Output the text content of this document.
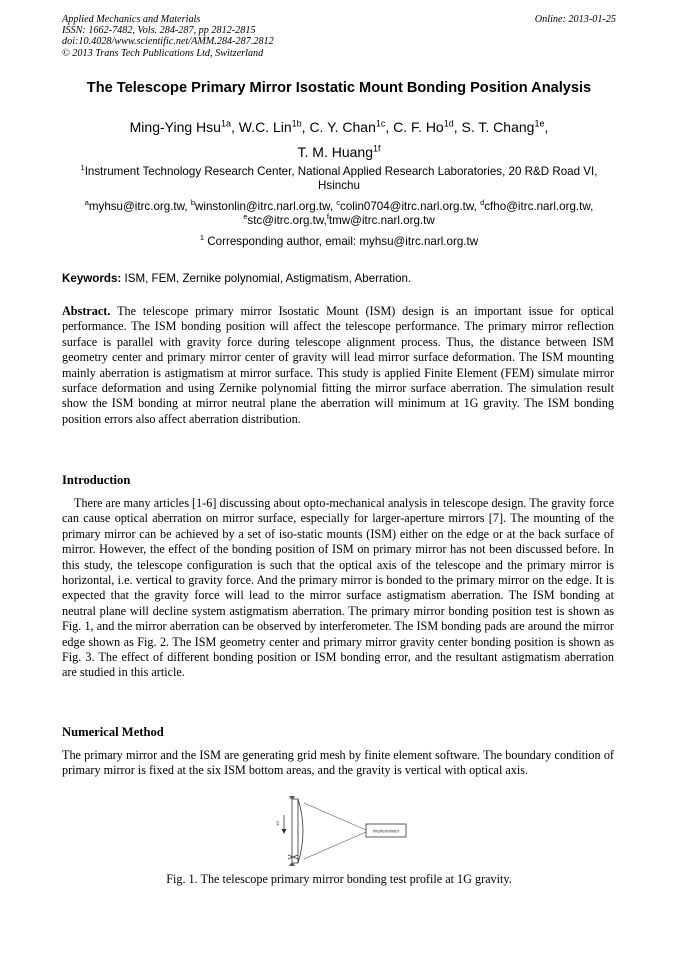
Applied Mechanics and Materials
ISSN: 1662-7482, Vols. 284-287, pp 2812-2815
doi:10.4028/www.scientific.net/AMM.284-287.2812
© 2013 Trans Tech Publications Ltd, Switzerland
Online: 2013-01-25
The Telescope Primary Mirror Isostatic Mount Bonding Position Analysis
Ming-Ying Hsu$^{1a}$, W.C. Lin$^{1b}$, C. Y. Chan$^{1c}$, C. F. $Ho^{1d}$, S. T. Chang$^{1e}$,
T. M. Huang$^{1f}$
$^1$Instrument Technology Research Center, National Applied Research Laboratories, 20 R&D Road VI, Hsinchu
$^a$myhsu@itrc.org.tw, $^b$winstonlin@itrc.narl.org.tw, $^c$colin0704@itrc.narl.org.tw, $^d$cfho@itrc.narl.org.tw, $^e$stc@itrc.org.tw,$^f$tmw@itrc.narl.org.tw
$^1$ Corresponding author, email: myhsu@itrc.narl.org.tw
Keywords: ISM, FEM, Zernike polynomial, Astigmatism, Aberration.
Abstract. The telescope primary mirror Isostatic Mount (ISM) design is an important issue for optical performance. The ISM bonding position will affect the telescope performance. The primary mirror reflection surface is parallel with gravity force during telescope alignment process. Thus, the distance between ISM geometry center and primary mirror center of gravity will lead mirror surface deformation. The ISM mounting mainly aberration is astigmatism at mirror surface. This study is applied Finite Element (FEM) simulate mirror surface deformation and using Zernike polynomial fitting the mirror surface aberration. The simulation result show the ISM bonding at mirror neutral plane the aberration will minimum at 1G gravity. The ISM bonding position errors also affect aberration distribution.
Introduction
There are many articles [1-6] discussing about opto-mechanical analysis in telescope design. The gravity force can cause optical aberration on mirror surface, especially for larger-aperture mirrors [7]. The mounting of the primary mirror can be achieved by a set of iso-static mounts (ISM) either on the edge or at the back surface of mirror. However, the effect of the bonding position of ISM on primary mirror has not been discussed before. In this study, the telescope configuration is such that the optical axis of the telescope and the primary mirror is horizontal, i.e. vertical to gravity force. And the primary mirror is bonded to the primary mirror on the edge. It is expected that the gravity force will lead to the mirror surface astigmatism aberration. The ISM bonding at neutral plane will decline system astigmatism aberration. The primary mirror bonding position test is shown as Fig. 1, and the mirror aberration can be observed by interferometer. The ISM bonding pads are around the mirror edge shown as Fig. 2. The ISM geometry center and primary mirror gravity center bonding position is shown as Fig. 3. The effect of different bonding position or ISM bonding error, and the resultant astigmatism aberration are studied in this article.
Numerical Method
The primary mirror and the ISM are generating grid mesh by finite element software. The boundary condition of primary mirror is fixed at the six ISM bottom areas, and the gravity is vertical with optical axis.
1G
Interferometer
Fig. 1. The telescope primary mirror bonding test profile at 1G gravity.
